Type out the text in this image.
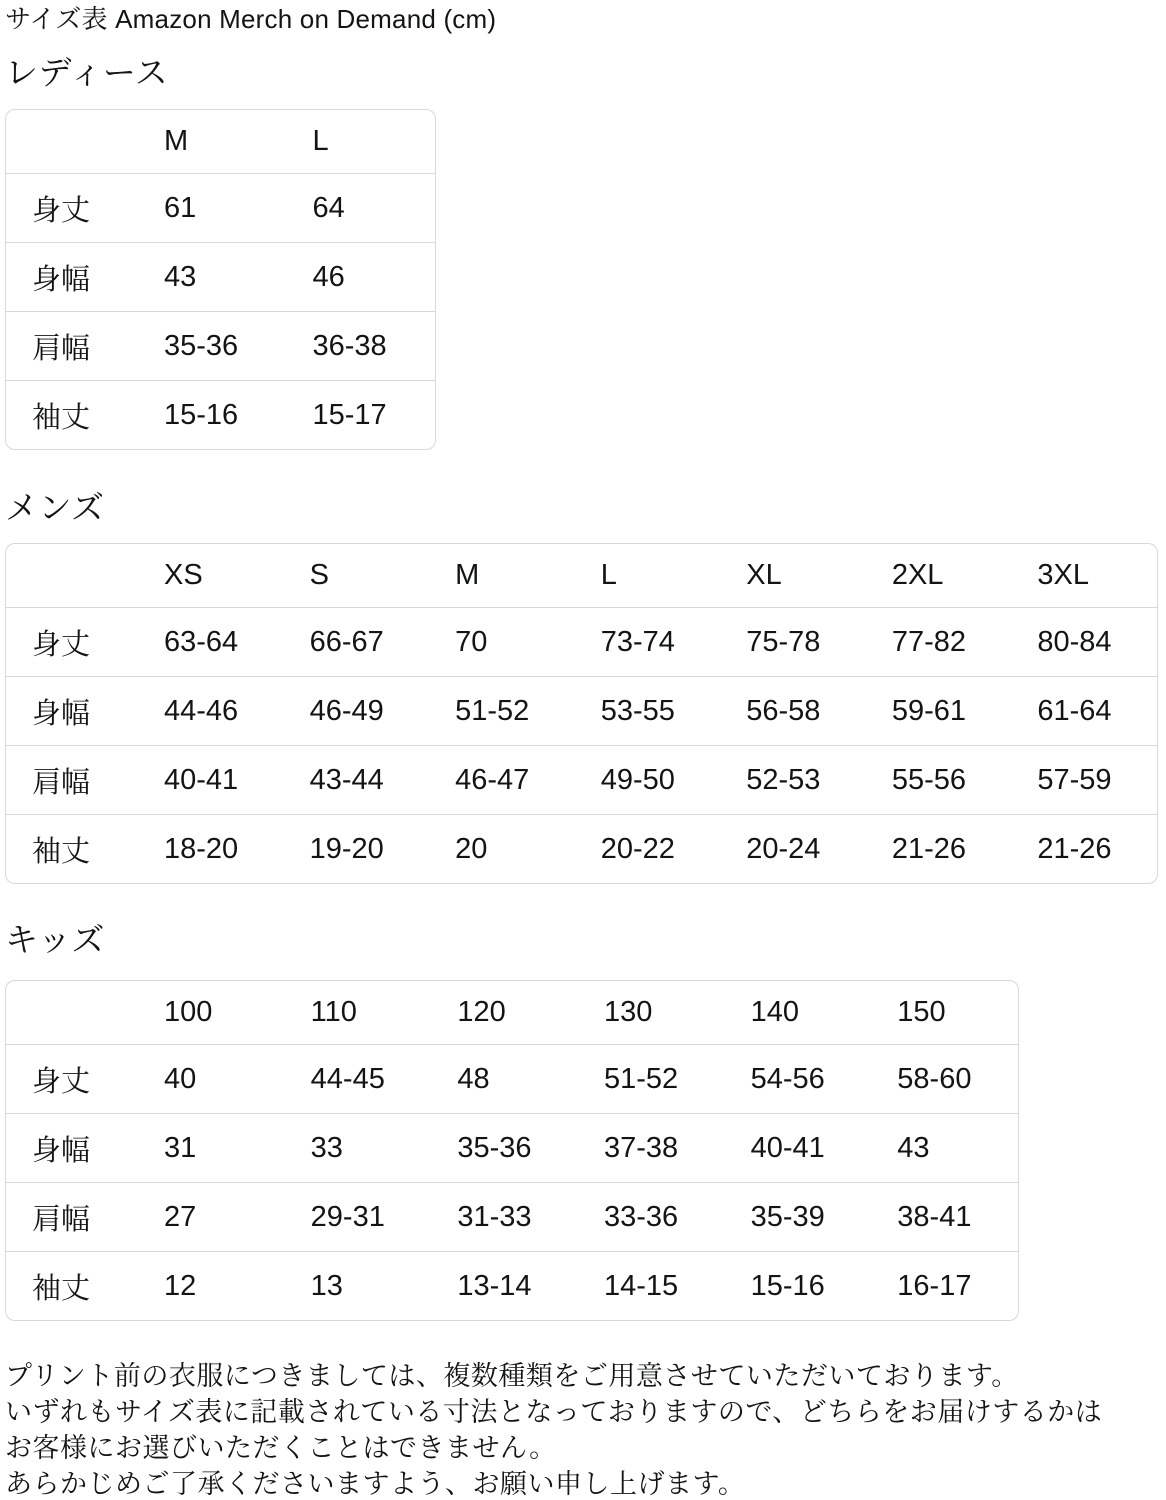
サイズ表 Amazon Merch on Demand (cm)
レディース
	M	L
身丈	61	64
身幅	43	46
肩幅	35-36	36-38
袖丈	15-16	15-17
メンズ
	XS	S	M	L	XL	2XL	3XL
身丈	63-64	66-67	70	73-74	75-78	77-82	80-84
身幅	44-46	46-49	51-52	53-55	56-58	59-61	61-64
肩幅	40-41	43-44	46-47	49-50	52-53	55-56	57-59
袖丈	18-20	19-20	20	20-22	20-24	21-26	21-26
キッズ
	100	110	120	130	140	150
身丈	40	44-45	48	51-52	54-56	58-60
身幅	31	33	35-36	37-38	40-41	43
肩幅	27	29-31	31-33	33-36	35-39	38-41
袖丈	12	13	13-14	14-15	15-16	16-17
プリント前の衣服につきましては、複数種類をご用意させていただいております。
いずれもサイズ表に記載されている寸法となっておりますので、どちらをお届けするかは
お客様にお選びいただくことはできません。
あらかじめご了承くださいますよう、お願い申し上げます。
